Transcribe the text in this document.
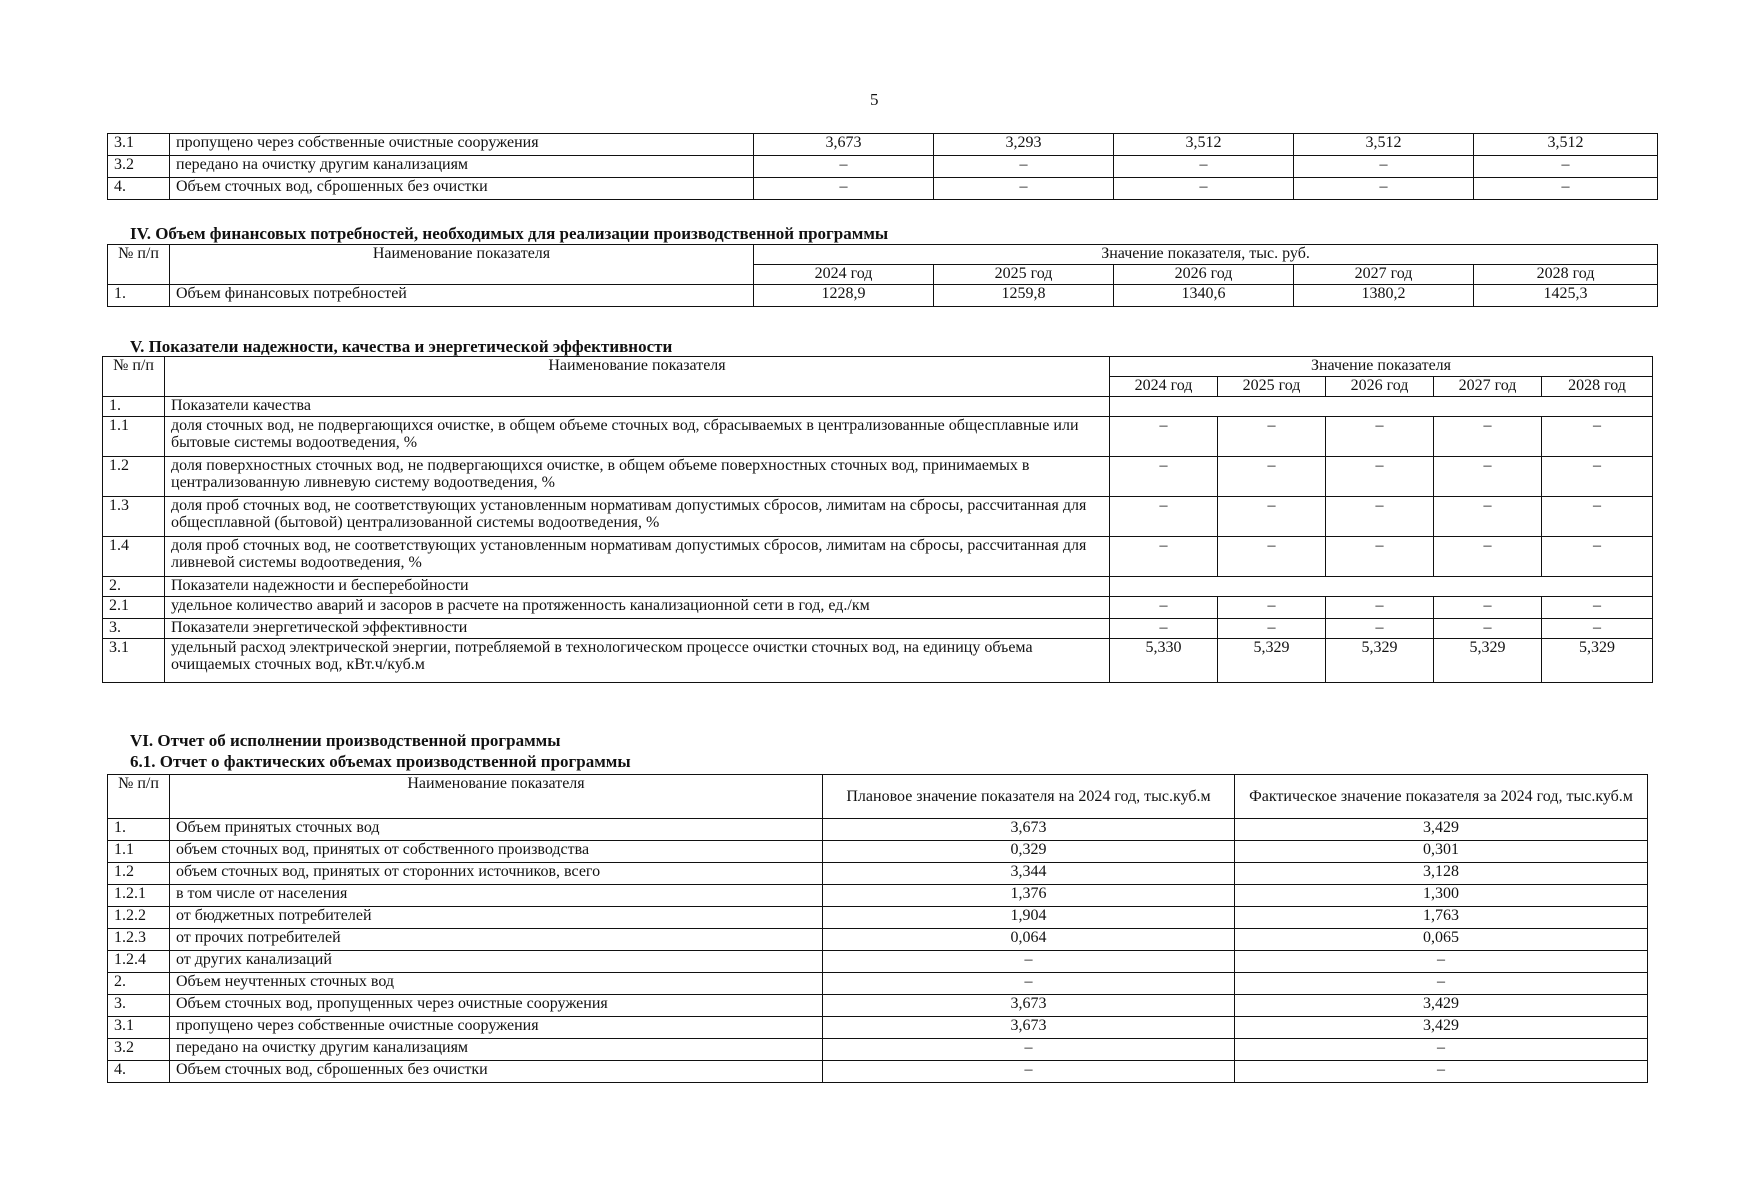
5
3.1	пропущено через собственные очистные сооружения	3,673	3,293	3,512	3,512	3,512
3.2	передано на очистку другим канализациям	–	–	–	–	–
4.	Объем сточных вод, сброшенных без очистки	–	–	–	–	–
IV. Объем финансовых потребностей, необходимых для реализации производственной программы
№ п/п	Наименование показателя	Значение показателя, тыс. руб.				
		2024 год	2025 год	2026 год	2027 год	2028 год
1.	Объем финансовых потребностей	1228,9	1259,8	1340,6	1380,2	1425,3
V. Показатели надежности, качества и энергетической эффективности
№ п/п	Наименование показателя	Значение показателя				
		2024 год	2025 год	2026 год	2027 год	2028 год
1.	Показатели качества					
1.1	доля сточных вод, не подвергающихся очистке, в общем объеме сточных вод, сбрасываемых в централизованные общесплавные или бытовые системы водоотведения, %	–	–	–	–	–
1.2	доля поверхностных сточных вод, не подвергающихся очистке, в общем объеме поверхностных сточных вод, принимаемых в централизованную ливневую систему водоотведения, %	–	–	–	–	–
1.3	доля проб сточных вод, не соответствующих установленным нормативам допустимых сбросов, лимитам на сбросы, рассчитанная для общесплавной (бытовой) централизованной системы водоотведения, %	–	–	–	–	–
1.4	доля проб сточных вод, не соответствующих установленным нормативам допустимых сбросов, лимитам на сбросы, рассчитанная для ливневой системы водоотведения, %	–	–	–	–	–
2.	Показатели надежности и бесперебойности					
2.1	удельное количество аварий и засоров в расчете на протяженность канализационной сети в год, ед./км	–	–	–	–	–
3.	Показатели энергетической эффективности	–	–	–	–	–
3.1	удельный расход электрической энергии, потребляемой в технологическом процессе очистки сточных вод, на единицу объема очищаемых сточных вод, кВт.ч/куб.м	5,330	5,329	5,329	5,329	5,329
VI. Отчет об исполнении производственной программы
6.1. Отчет о фактических объемах производственной программы
№ п/п	Наименование показателя	Плановое значение показателя на 2024 год, тыс.куб.м	Фактическое значение показателя за 2024 год, тыс.куб.м
1.	Объем принятых сточных вод	3,673	3,429
1.1	объем сточных вод, принятых от собственного производства	0,329	0,301
1.2	объем сточных вод, принятых от сторонних источников, всего	3,344	3,128
1.2.1	в том числе от населения	1,376	1,300
1.2.2	от бюджетных потребителей	1,904	1,763
1.2.3	от прочих потребителей	0,064	0,065
1.2.4	от других канализаций	–	–
2.	Объем неучтенных сточных вод	–	–
3.	Объем сточных вод, пропущенных через очистные сооружения	3,673	3,429
3.1	пропущено через собственные очистные сооружения	3,673	3,429
3.2	передано на очистку другим канализациям	–	–
4.	Объем сточных вод, сброшенных без очистки	–	–
